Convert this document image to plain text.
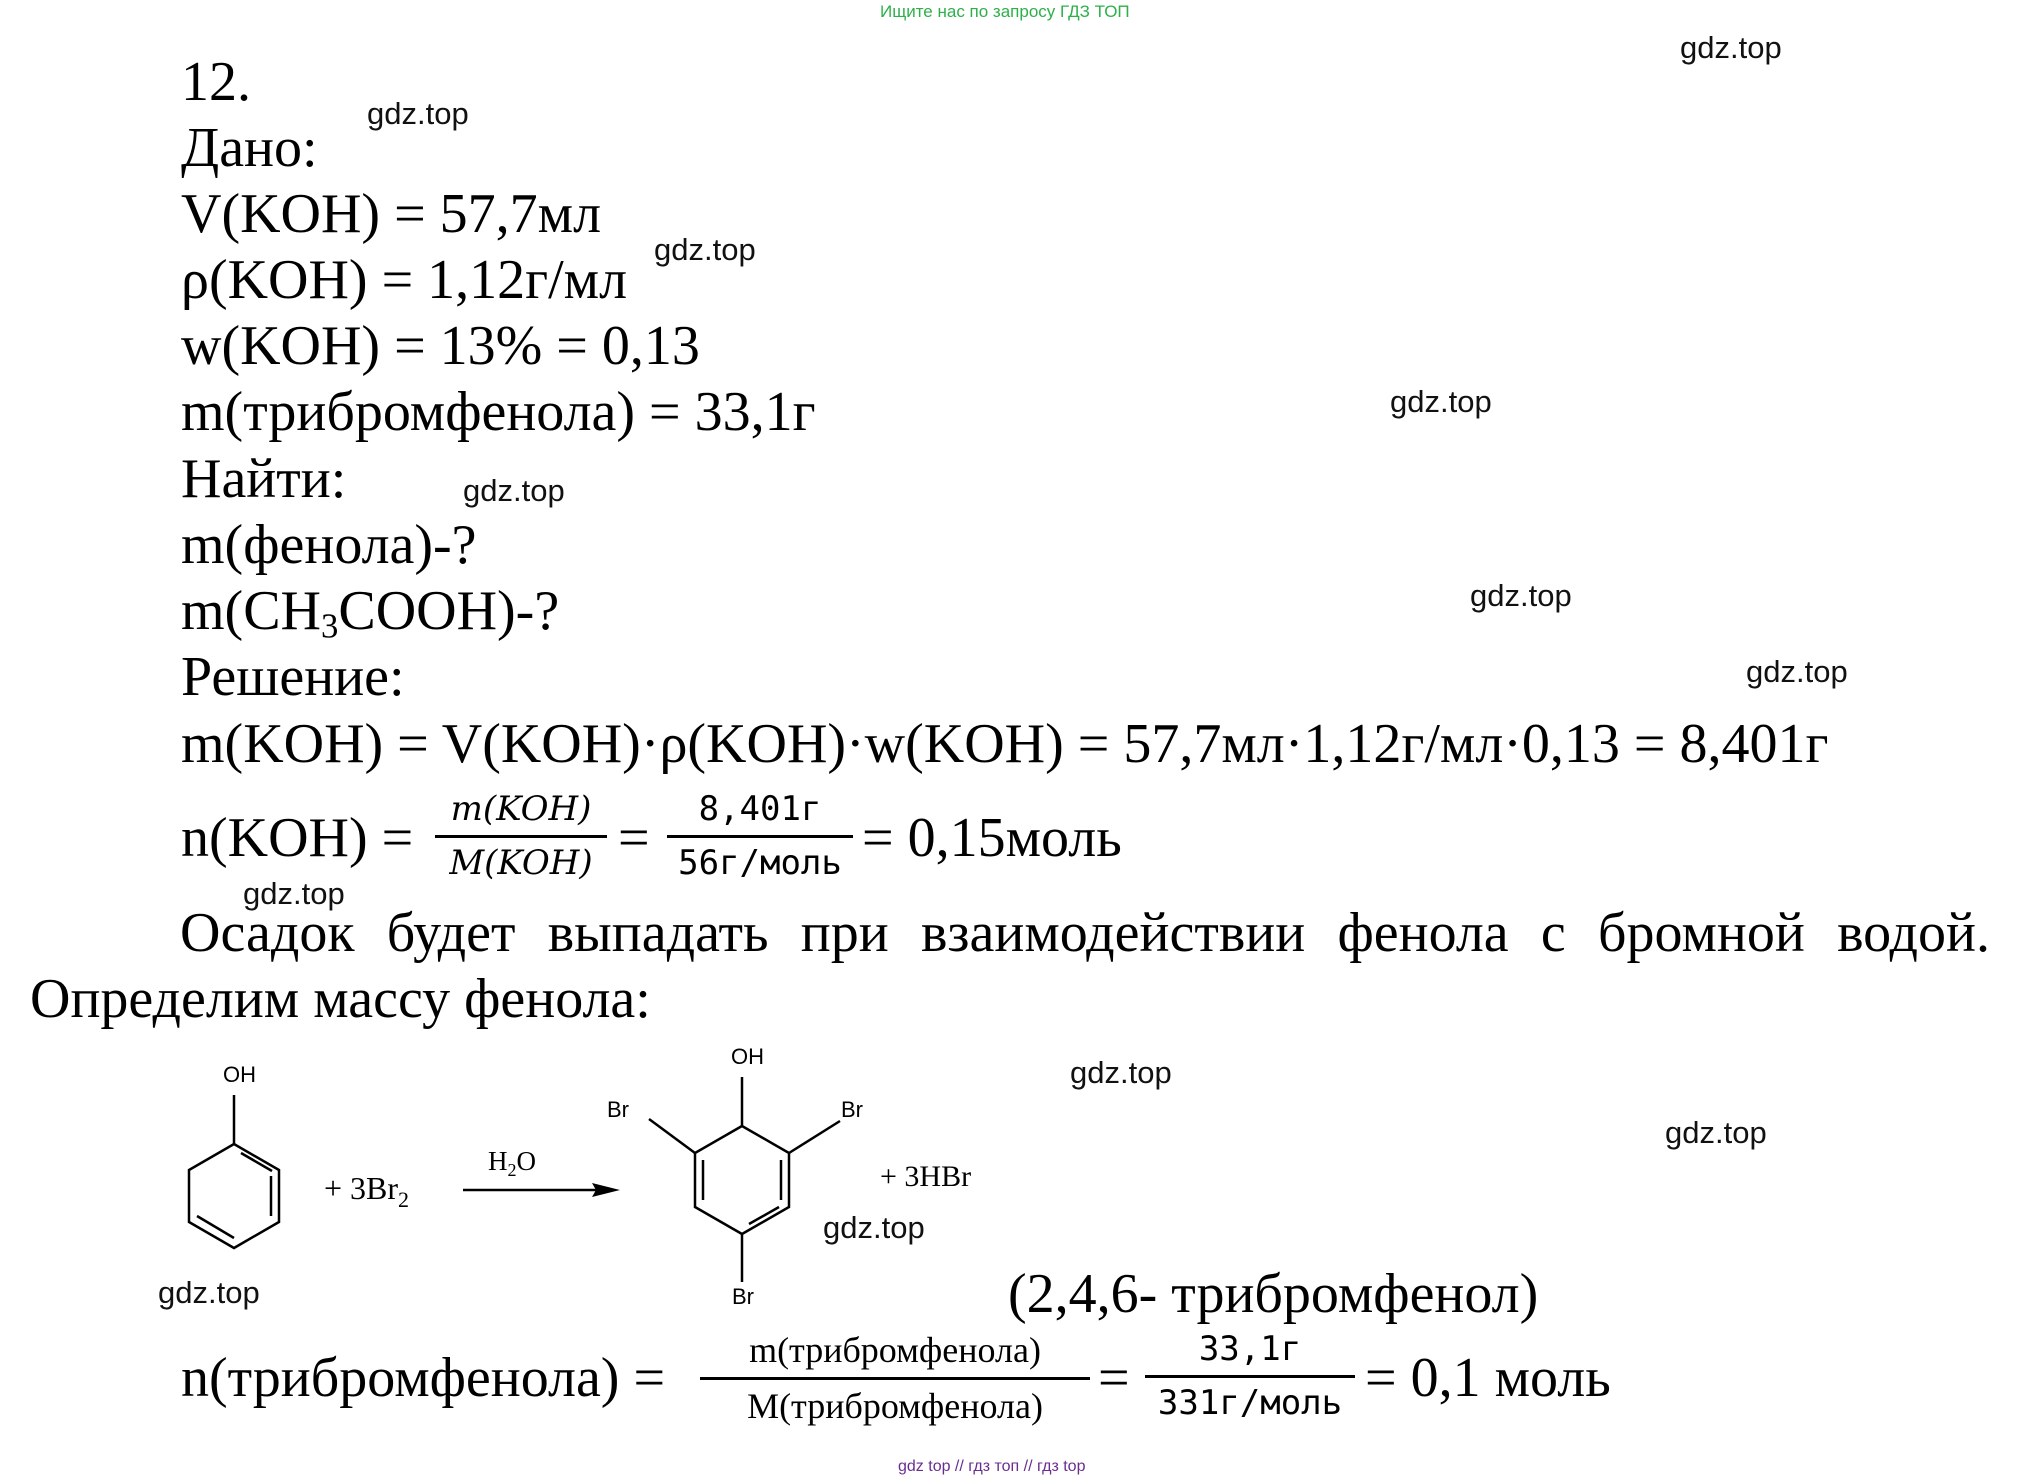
Ищите нас по запросу ГДЗ ТОП
gdz.top
gdz.top
gdz.top
gdz.top
gdz.top
gdz.top
gdz.top
gdz.top
gdz.top
gdz.top
gdz.top
gdz.top
12.
Дано:
V(KOH) = 57,7мл
ρ(KOH) = 1,12г/мл
w(KOH) = 13% = 0,13
m(трибромфенола) = 33,1г
Найти:
m(фенола)-?
$m(CH_3COOH)-$?
Решение:
m(KOH) = V(KOH)·ρ(KOH)·w(KOH) = 57,7мл·1,12г/мл·0,13 = 8,401г
n(KOH) = m(KOH)
M(KOH) = 8,401г
56г/моль = 0,15моль
Осадок будет выпадать при взаимодействии фенола с бромной водой.
Определим массу фенола:
OH
+ $3Br_2$
$H_2O$
OH
Br	Br
Br
+ 3HBr
(2,4,6- трибромфенол)
n(трибромфенола) = m(трибромфенола)
M(трибромфенола) = 33,1г
331г/моль = 0,1 моль
gdz top // гдз топ // гдз top
